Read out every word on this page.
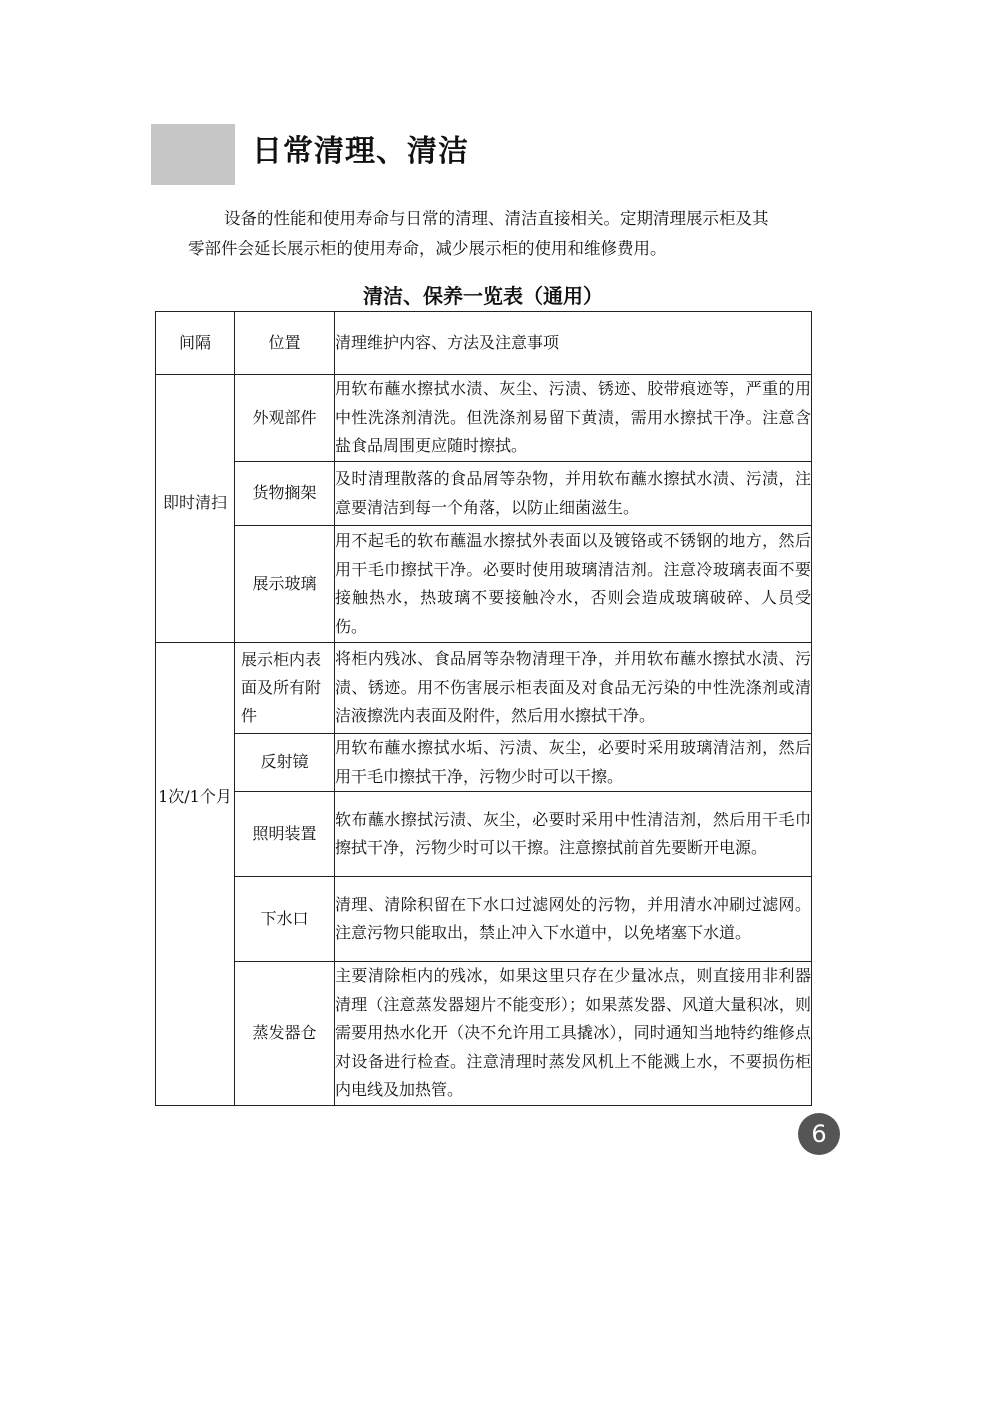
日常清理、清洁
设备的性能和使用寿命与日常的清理、清洁直接相关。定期清理展示柜及其
零部件会延长展示柜的使用寿命，减少展示柜的使用和维修费用。
清洁、保养一览表（通用）
间隔	位置	清理维护内容、方法及注意事项
即时清扫	外观部件	用软布蘸水擦拭水渍、灰尘、污渍、锈迹、胶带痕迹等，严重的用中性洗涤剂清洗。但洗涤剂易留下黄渍，需用水擦拭干净。注意含盐食品周围更应随时擦拭。
	货物搁架	及时清理散落的食品屑等杂物，并用软布蘸水擦拭水渍、污渍，注意要清洁到每一个角落，以防止细菌滋生。
	展示玻璃	用不起毛的软布蘸温水擦拭外表面以及镀铬或不锈钢的地方，然后用干毛巾擦拭干净。必要时使用玻璃清洁剂。注意冷玻璃表面不要接触热水，热玻璃不要接触冷水，否则会造成玻璃破碎、人员受伤。
1次/1个月	展示柜内表面及所有附件	将柜内残冰、食品屑等杂物清理干净，并用软布蘸水擦拭水渍、污渍、锈迹。用不伤害展示柜表面及对食品无污染的中性洗涤剂或清洁液擦洗内表面及附件，然后用水擦拭干净。
	反射镜	用软布蘸水擦拭水垢、污渍、灰尘，必要时采用玻璃清洁剂，然后用干毛巾擦拭干净，污物少时可以干擦。
	照明装置	软布蘸水擦拭污渍、灰尘，必要时采用中性清洁剂，然后用干毛巾擦拭干净，污物少时可以干擦。注意擦拭前首先要断开电源。
	下水口	清理、清除积留在下水口过滤网处的污物，并用清水冲刷过滤网。注意污物只能取出，禁止冲入下水道中，以免堵塞下水道。
	蒸发器仓	主要清除柜内的残冰，如果这里只存在少量冰点，则直接用非利器清理（注意蒸发器翅片不能变形）；如果蒸发器、风道大量积冰，则需要用热水化开（决不允许用工具撬冰），同时通知当地特约维修点对设备进行检查。注意清理时蒸发风机上不能溅上水，不要损伤柜内电线及加热管。
6
